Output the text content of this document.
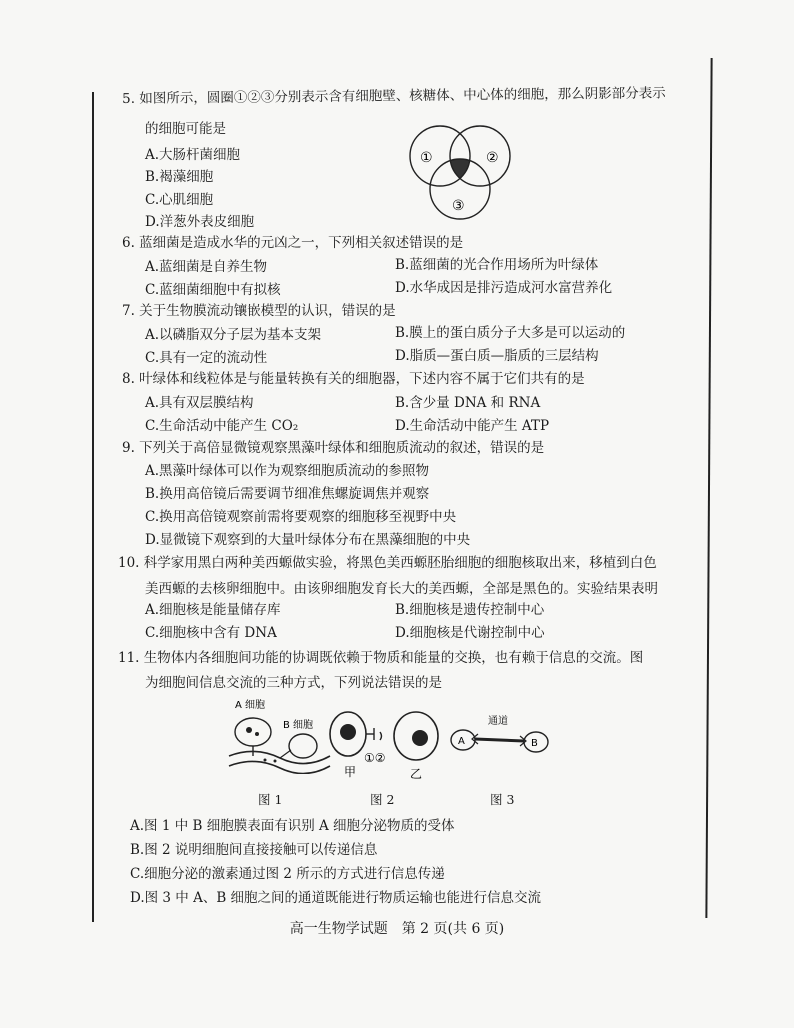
5. 如图所示，圆圈①②③分别表示含有细胞壁、核糖体、中心体的细胞，那么阴影部分表示
的细胞可能是
A.大肠杆菌细胞
B.褐藻细胞
C.心肌细胞
D.洋葱外表皮细胞
①	②
③
6. 蓝细菌是造成水华的元凶之一，下列相关叙述错误的是
A.蓝细菌是自养生物	B.蓝细菌的光合作用场所为叶绿体
C.蓝细菌细胞中有拟核	D.水华成因是排污造成河水富营养化
7. 关于生物膜流动镶嵌模型的认识，错误的是
A.以磷脂双分子层为基本支架	B.膜上的蛋白质分子大多是可以运动的
C.具有一定的流动性	D.脂质—蛋白质—脂质的三层结构
8. 叶绿体和线粒体是与能量转换有关的细胞器，下述内容不属于它们共有的是
A.具有双层膜结构	B.含少量 DNA 和 RNA
C.生命活动中能产生 CO₂	D.生命活动中能产生 ATP
9. 下列关于高倍显微镜观察黑藻叶绿体和细胞质流动的叙述，错误的是
A.黑藻叶绿体可以作为观察细胞质流动的参照物
B.换用高倍镜后需要调节细准焦螺旋调焦并观察
C.换用高倍镜观察前需将要观察的细胞移至视野中央
D.显微镜下观察到的大量叶绿体分布在黑藻细胞的中央
10. 科学家用黑白两种美西螈做实验，将黑色美西螈胚胎细胞的细胞核取出来，移植到白色
美西螈的去核卵细胞中。由该卵细胞发育长大的美西螈，全部是黑色的。实验结果表明
A.细胞核是能量储存库	B.细胞核是遗传控制中心
C.细胞核中含有 DNA	D.细胞核是代谢控制中心
11. 生物体内各细胞间功能的协调既依赖于物质和能量的交换，也有赖于信息的交流。图
为细胞间信息交流的三种方式，下列说法错误的是
A 细胞
B 细胞
图 1
①②
甲	乙
图 2
通道
A	B
图 3
A.图 1 中 B 细胞膜表面有识别 A 细胞分泌物质的受体
B.图 2 说明细胞间直接接触可以传递信息
C.细胞分泌的激素通过图 2 所示的方式进行信息传递
D.图 3 中 A、B 细胞之间的通道既能进行物质运输也能进行信息交流
高一生物学试题　第 2 页(共 6 页)
